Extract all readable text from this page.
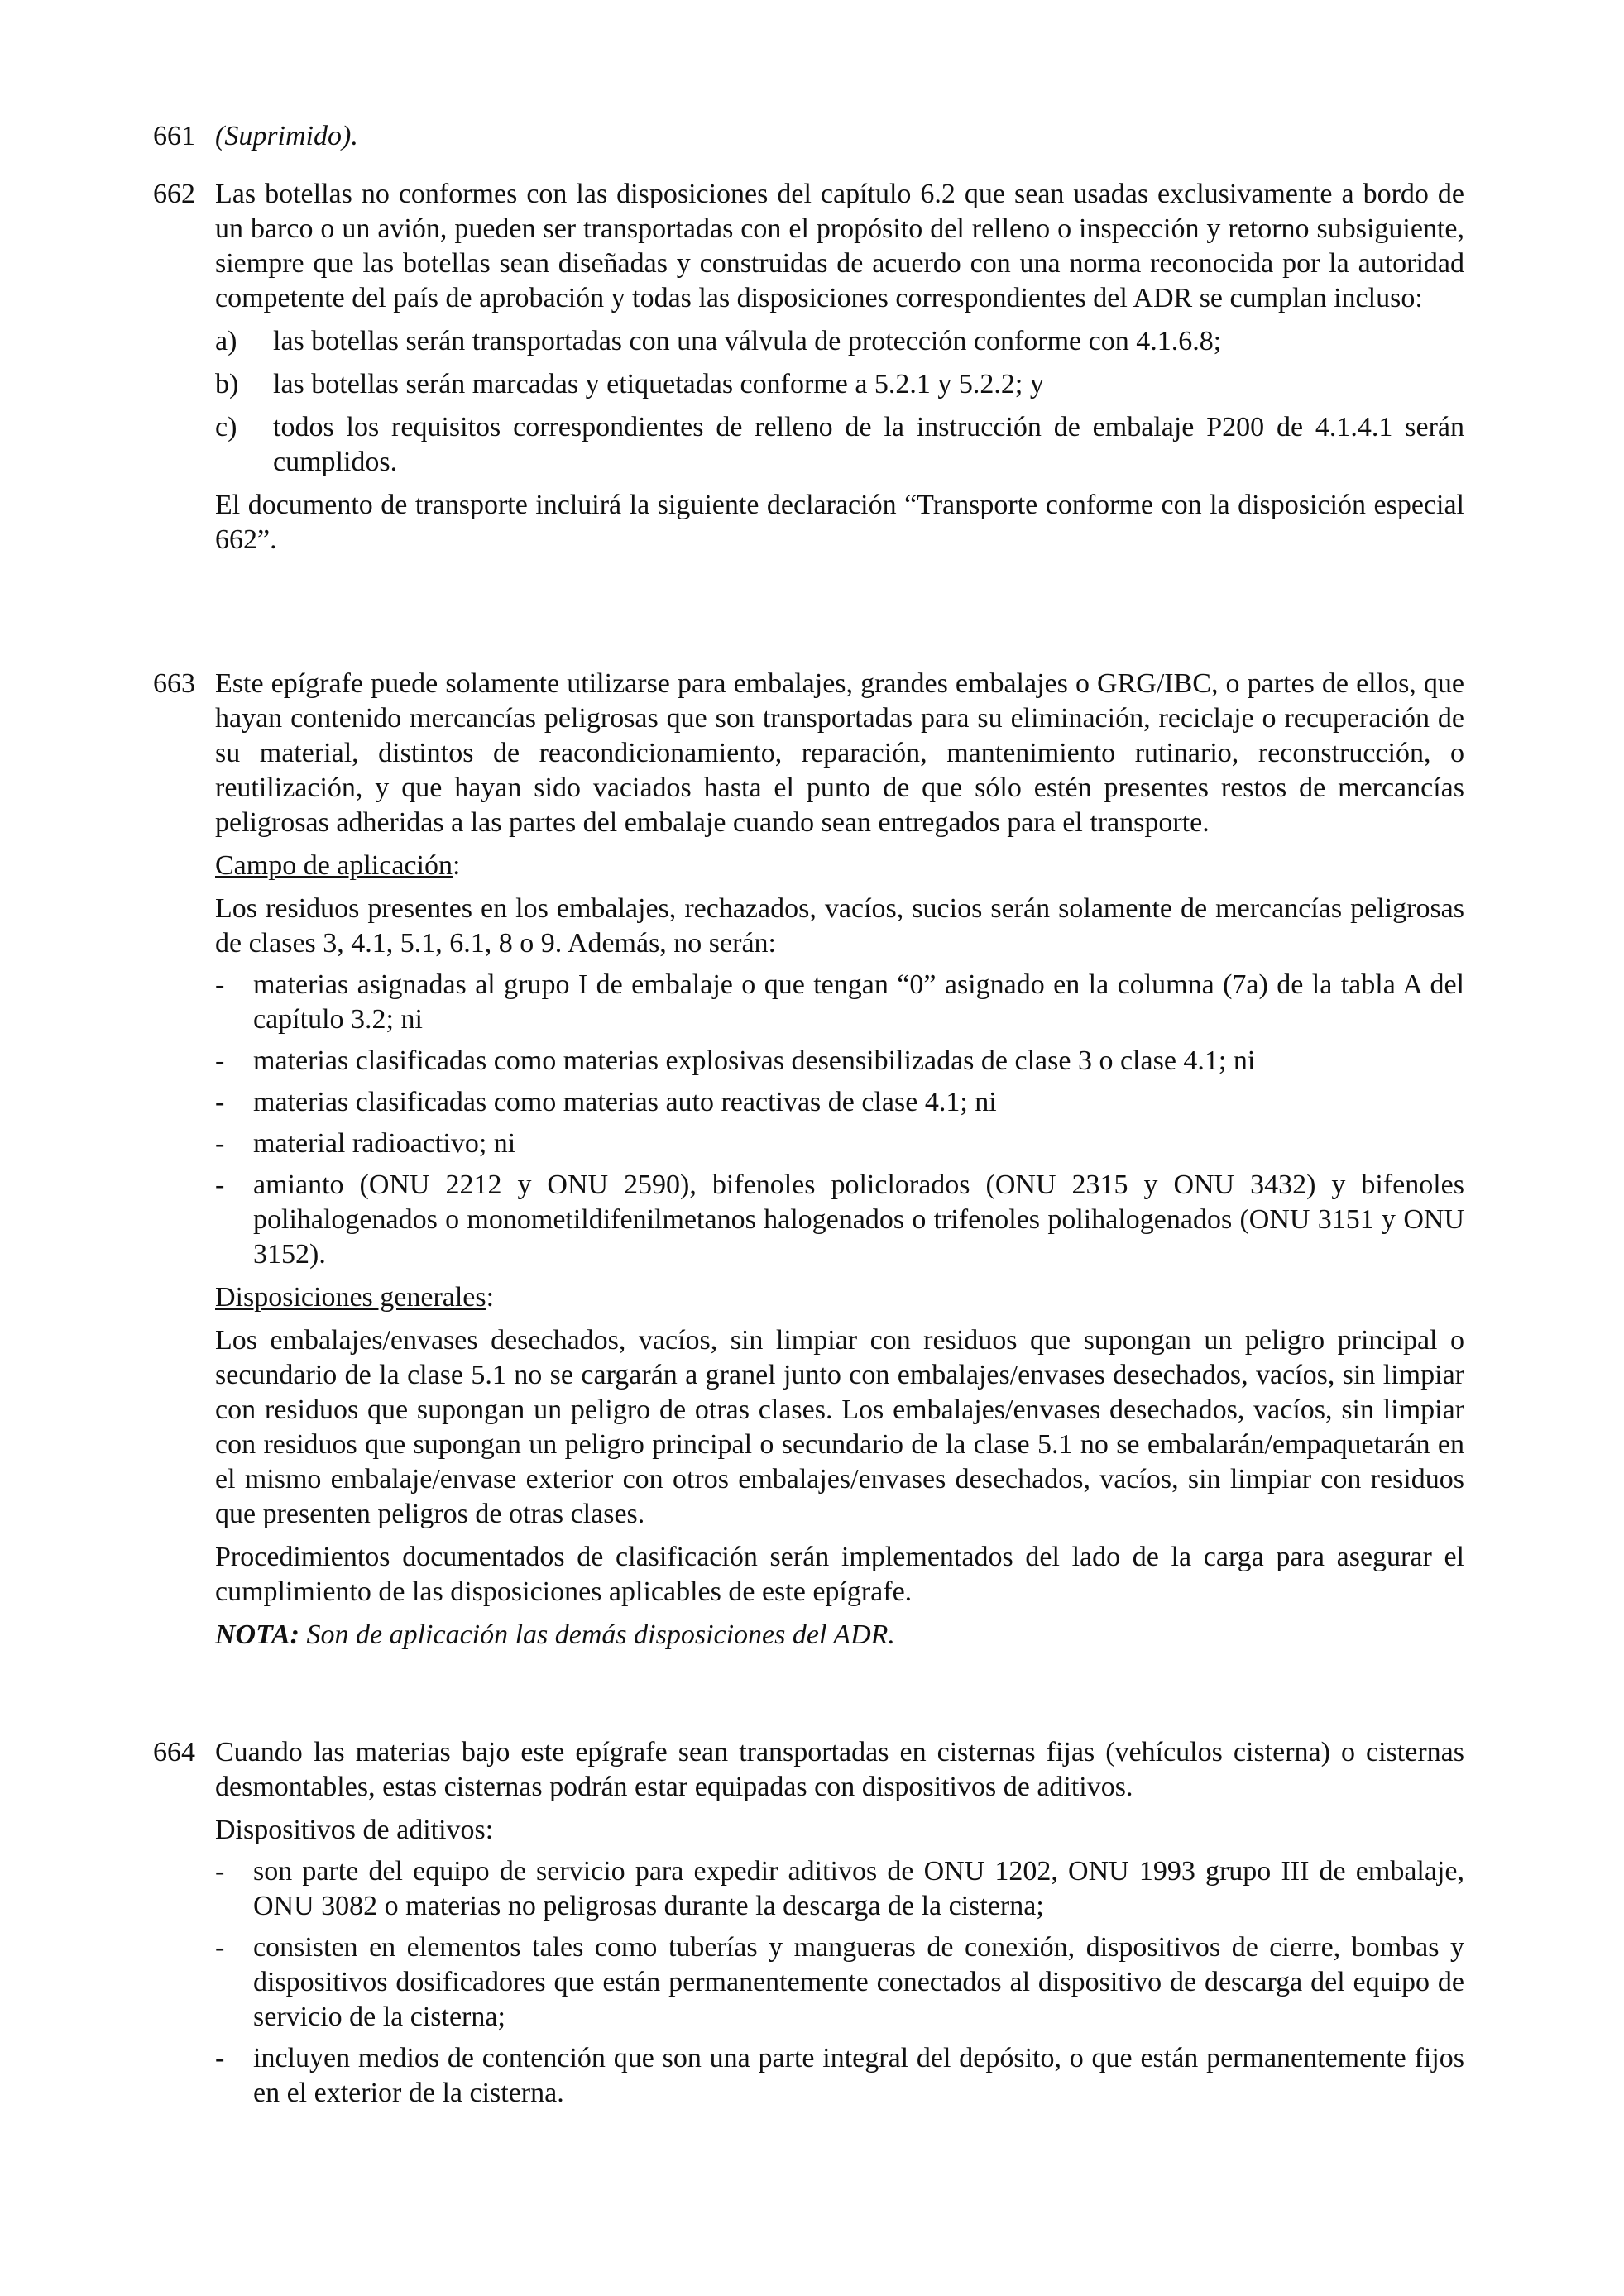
661 (Suprimido).

662 Las botellas no conformes con las disposiciones del capítulo 6.2 que sean usadas exclusivamente a bordo de un barco o un avión, pueden ser transportadas con el propósito del relleno o inspección y retorno subsiguiente, siempre que las botellas sean diseñadas y construidas de acuerdo con una norma reconocida por la autoridad competente del país de aprobación y todas las disposiciones correspondientes del ADR se cumplan incluso:

a) las botellas serán transportadas con una válvula de protección conforme con 4.1.6.8;
b) las botellas serán marcadas y etiquetadas conforme a 5.2.1 y 5.2.2; y
c) todos los requisitos correspondientes de relleno de la instrucción de embalaje P200 de 4.1.4.1 serán cumplidos.

El documento de transporte incluirá la siguiente declaración “Transporte conforme con la disposición especial 662”.

663 Este epígrafe puede solamente utilizarse para embalajes, grandes embalajes o GRG/IBC, o partes de ellos, que hayan contenido mercancías peligrosas que son transportadas para su eliminación, reciclaje o recuperación de su material, distintos de reacondicionamiento, reparación, mantenimiento rutinario, reconstrucción, o reutilización, y que hayan sido vaciados hasta el punto de que sólo estén presentes restos de mercancías peligrosas adheridas a las partes del embalaje cuando sean entregados para el transporte.

Campo de aplicación:

Los residuos presentes en los embalajes, rechazados, vacíos, sucios serán solamente de mercancías peligrosas de clases 3, 4.1, 5.1, 6.1, 8 o 9. Además, no serán:

- materias asignadas al grupo I de embalaje o que tengan “0” asignado en la columna (7a) de la tabla A del capítulo 3.2; ni
- materias clasificadas como materias explosivas desensibilizadas de clase 3 o clase 4.1; ni
- materias clasificadas como materias auto reactivas de clase 4.1; ni
- material radioactivo; ni
- amianto (ONU 2212 y ONU 2590), bifenoles policlorados (ONU 2315 y ONU 3432) y bifenoles polihalogenados o monometildifenilmetanos halogenados o trifenoles polihalogenados (ONU 3151 y ONU 3152).

Disposiciones generales:

Los embalajes/envases desechados, vacíos, sin limpiar con residuos que supongan un peligro principal o secundario de la clase 5.1 no se cargarán a granel junto con embalajes/envases desechados, vacíos, sin limpiar con residuos que supongan un peligro de otras clases. Los embalajes/envases desechados, vacíos, sin limpiar con residuos que supongan un peligro principal o secundario de la clase 5.1 no se embalarán/empaquetarán en el mismo embalaje/envase exterior con otros embalajes/envases desechados, vacíos, sin limpiar con residuos que presenten peligros de otras clases.

Procedimientos documentados de clasificación serán implementados del lado de la carga para asegurar el cumplimiento de las disposiciones aplicables de este epígrafe.

NOTA: Son de aplicación las demás disposiciones del ADR.

664 Cuando las materias bajo este epígrafe sean transportadas en cisternas fijas (vehículos cisterna) o cisternas desmontables, estas cisternas podrán estar equipadas con dispositivos de aditivos.

Dispositivos de aditivos:

- son parte del equipo de servicio para expedir aditivos de ONU 1202, ONU 1993 grupo III de embalaje, ONU 3082 o materias no peligrosas durante la descarga de la cisterna;
- consisten en elementos tales como tuberías y mangueras de conexión, dispositivos de cierre, bombas y dispositivos dosificadores que están permanentemente conectados al dispositivo de descarga del equipo de servicio de la cisterna;
- incluyen medios de contención que son una parte integral del depósito, o que están permanentemente fijos en el exterior de la cisterna.
